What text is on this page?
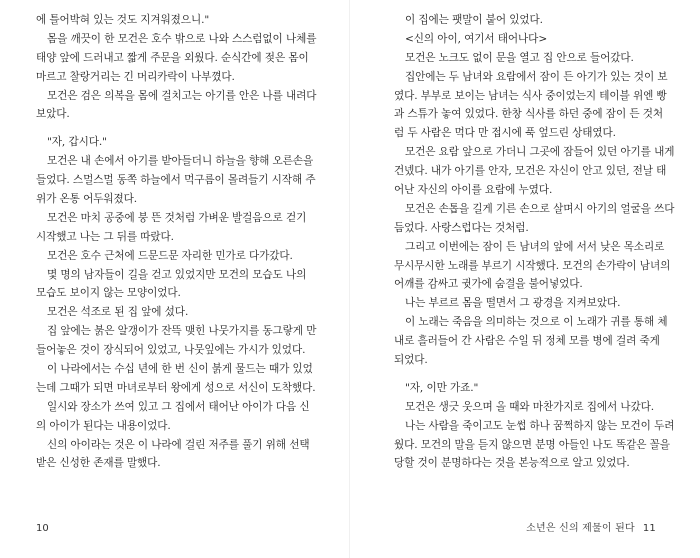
에 틀어박혀 있는 것도 지겨워졌으니."
몸을 깨끗이 한 모건은 호수 밖으로 나와 스스럼없이 나체를
태양 앞에 드러내고 짧게 주문을 외웠다. 순식간에 젖은 몸이
마르고 찰랑거리는 긴 머리카락이 나부꼈다.
모건은 검은 의복을 몸에 걸치고는 아기를 안은 나를 내려다
보았다.
"자, 갑시다."
모건은 내 손에서 아기를 받아들더니 하늘을 향해 오른손을
들었다. 스멀스멀 동쪽 하늘에서 먹구름이 몰려들기 시작해 주
위가 온통 어두워졌다.
모건은 마치 공중에 붕 뜬 것처럼 가벼운 발걸음으로 걷기
시작했고 나는 그 뒤를 따랐다.
모건은 호수 근처에 드문드문 자리한 민가로 다가갔다.
몇 명의 남자들이 길을 걷고 있었지만 모건의 모습도 나의
모습도 보이지 않는 모양이었다.
모건은 석조로 된 집 앞에 섰다.
집 앞에는 붉은 알갱이가 잔뜩 맺힌 나뭇가지를 동그랗게 만
들어놓은 것이 장식되어 있었고, 나뭇잎에는 가시가 있었다.
이 나라에서는 수십 년에 한 번 신이 붉게 물드는 때가 있었
는데 그때가 되면 마녀로부터 왕에게 성으로 서신이 도착했다.
일시와 장소가 쓰여 있고 그 집에서 태어난 아이가 다음 신
의 아이가 된다는 내용이었다.
신의 아이라는 것은 이 나라에 걸린 저주를 풀기 위해 선택
받은 신성한 존재를 말했다.
10
이 집에는 팻말이 붙어 있었다.
<신의 아이, 여기서 태어나다>
모건은 노크도 없이 문을 열고 집 안으로 들어갔다.
집안에는 두 남녀와 요람에서 잠이 든 아기가 있는 것이 보
였다. 부부로 보이는 남녀는 식사 중이었는지 테이블 위엔 빵
과 스튜가 놓여 있었다. 한창 식사를 하던 중에 잠이 든 것처
럼 두 사람은 먹다 만 접시에 푹 엎드린 상태였다.
모건은 요람 앞으로 가더니 그곳에 잠들어 있던 아기를 내게
건넸다. 내가 아기를 안자, 모건은 자신이 안고 있던, 전날 태
어난 자신의 아이를 요람에 누였다.
모건은 손톱을 길게 기른 손으로 살며시 아기의 얼굴을 쓰다
듬었다. 사랑스럽다는 것처럼.
그리고 이번에는 잠이 든 남녀의 앞에 서서 낮은 목소리로
무시무시한 노래를 부르기 시작했다. 모건의 손가락이 남녀의
어깨를 감싸고 귓가에 숨결을 불어넣었다.
나는 부르르 몸을 떨면서 그 광경을 지켜보았다.
이 노래는 죽음을 의미하는 것으로 이 노래가 귀를 통해 체
내로 흘러들어 간 사람은 수일 뒤 정체 모를 병에 걸려 죽게
되었다.
"자, 이만 가죠."
모건은 생긋 웃으며 올 때와 마찬가지로 집에서 나갔다.
나는 사람을 죽이고도 눈썹 하나 꿈쩍하지 않는 모건이 두려
웠다. 모건의 말을 듣지 않으면 분명 아들인 나도 똑같은 꼴을
당할 것이 분명하다는 것을 본능적으로 알고 있었다.
소년은 신의 제물이 된다 11
